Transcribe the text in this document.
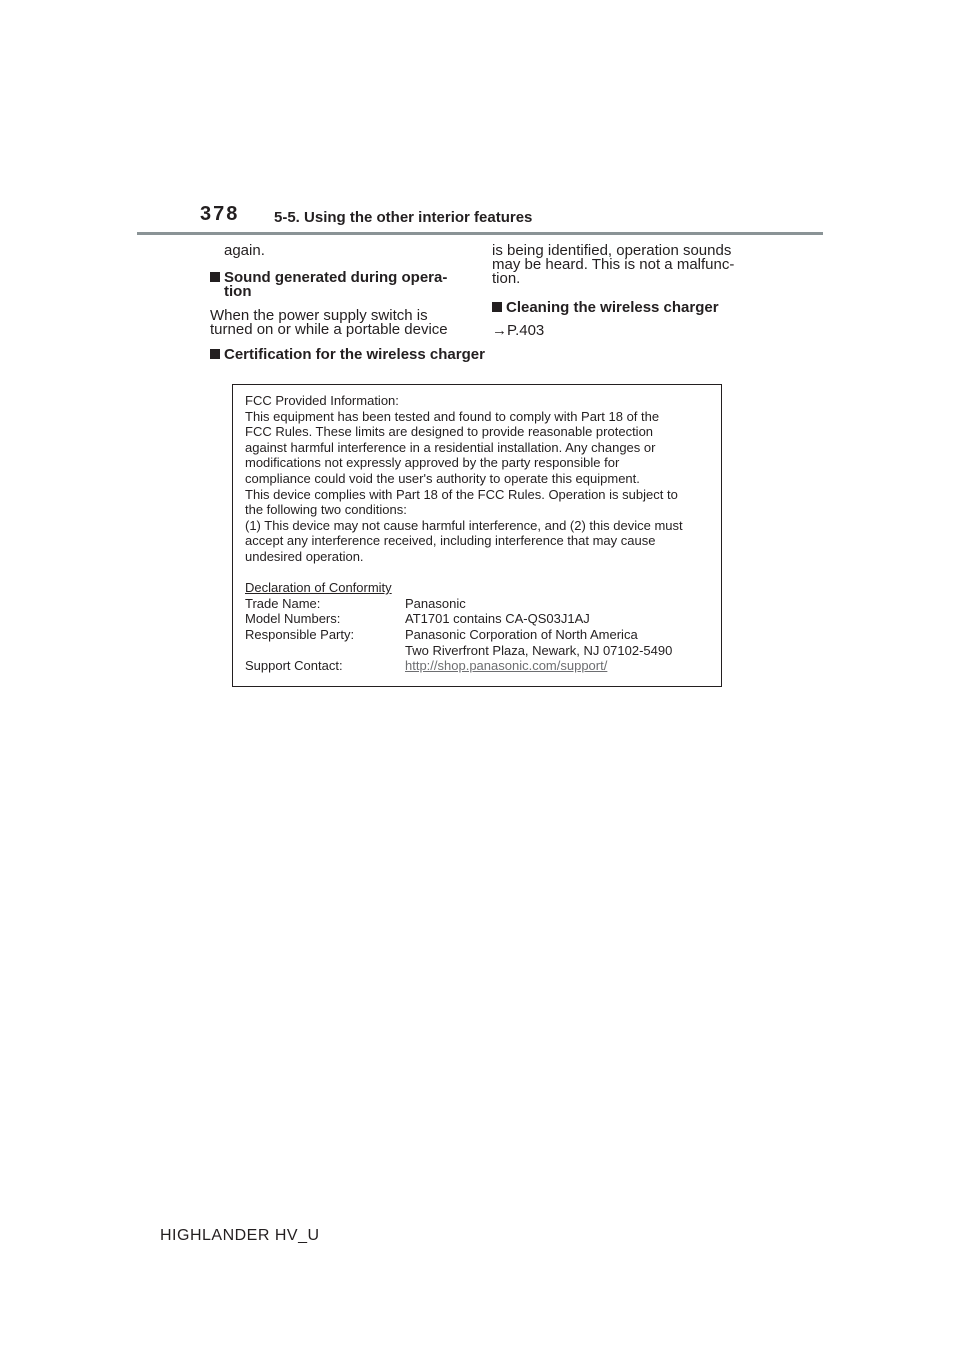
378 5-5. Using the other interior features
again.
Sound generated during opera-
tion
When the power supply switch is turned on or while a portable device
is being identified, operation sounds may be heard. This is not a malfunc-tion.
Cleaning the wireless charger
→P.403
Certification for the wireless charger
FCC Provided Information:
This equipment has been tested and found to comply with Part 18 of the
FCC Rules. These limits are designed to provide reasonable protection
against harmful interference in a residential installation. Any changes or
modifications not expressly approved by the party responsible for
compliance could void the user's authority to operate this equipment.
This device complies with Part 18 of the FCC Rules. Operation is subject to
the following two conditions:
(1) This device may not cause harmful interference, and (2) this device must
accept any interference received, including interference that may cause
undesired operation.
Declaration of Conformity
Trade Name:	Panasonic
Model Numbers:	AT1701 contains CA-QS03J1AJ
Responsible Party:	Panasonic Corporation of North America
Two Riverfront Plaza, Newark, NJ 07102-5490
Support Contact:	http://shop.panasonic.com/support/
HIGHLANDER HV_U
